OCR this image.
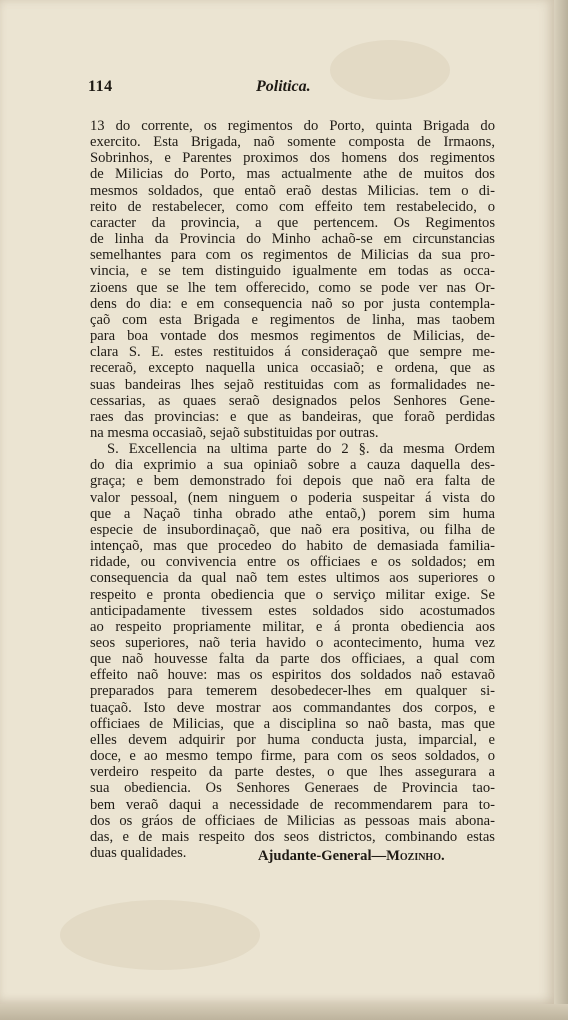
114	Politica.
13 do corrente, os regimentos do Porto, quinta Brigada do
exercito. Esta Brigada, naõ somente composta de Irmaons,
Sobrinhos, e Parentes proximos dos homens dos regimentos
de Milicias do Porto, mas actualmente athe de muitos dos
mesmos soldados, que entaõ eraõ destas Milicias. tem o di-
reito de restabelecer, como com effeito tem restabelecido, o
caracter da provincia, a que pertencem. Os Regimentos
de linha da Provincia do Minho achaõ-se em circunstancias
semelhantes para com os regimentos de Milicias da sua pro-
vincia, e se tem distinguido igualmente em todas as occa-
zioens que se lhe tem offerecido, como se pode ver nas Or-
dens do dia: e em consequencia naõ so por justa contempla-
çaõ com esta Brigada e regimentos de linha, mas taobem
para boa vontade dos mesmos regimentos de Milicias, de-
clara S. E. estes restituidos á consideraçaõ que sempre me-
receraõ, excepto naquella unica occasiaõ; e ordena, que as
suas bandeiras lhes sejaõ restituidas com as formalidades ne-
cessarias, as quaes seraõ designados pelos Senhores Gene-
raes das provincias: e que as bandeiras, que foraõ perdidas
na mesma occasiaõ, sejaõ substituidas por outras.
S. Excellencia na ultima parte do 2 §. da mesma Ordem
do dia exprimio a sua opiniaõ sobre a cauza daquella des-
graça; e bem demonstrado foi depois que naõ era falta de
valor pessoal, (nem ninguem o poderia suspeitar á vista do
que a Naçaõ tinha obrado athe entaõ,) porem sim huma
especie de insubordinaçaõ, que naõ era positiva, ou filha de
intençaõ, mas que procedeo do habito de demasiada familia-
ridade, ou convivencia entre os officiaes e os soldados; em
consequencia da qual naõ tem estes ultimos aos superiores o
respeito e pronta obediencia que o serviço militar exige. Se
anticipadamente tivessem estes soldados sido acostumados
ao respeito propriamente militar, e á pronta obediencia aos
seos superiores, naõ teria havido o acontecimento, huma vez
que naõ houvesse falta da parte dos officiaes, a qual com
effeito naõ houve: mas os espiritos dos soldados naõ estavaõ
preparados para temerem desobedecer-lhes em qualquer si-
tuaçaõ. Isto deve mostrar aos commandantes dos corpos, e
officiaes de Milicias, que a disciplina so naõ basta, mas que
elles devem adquirir por huma conducta justa, imparcial, e
doce, e ao mesmo tempo firme, para com os seos soldados, o
verdeiro respeito da parte destes, o que lhes assegurara a
sua obediencia. Os Senhores Generaes de Provincia tao-
bem veraõ daqui a necessidade de recommendarem para to-
dos os gráos de officiaes de Milicias as pessoas mais abona-
das, e de mais respeito dos seos districtos, combinando estas
duas qualidades.	Ajudante-General—Mozinho.
